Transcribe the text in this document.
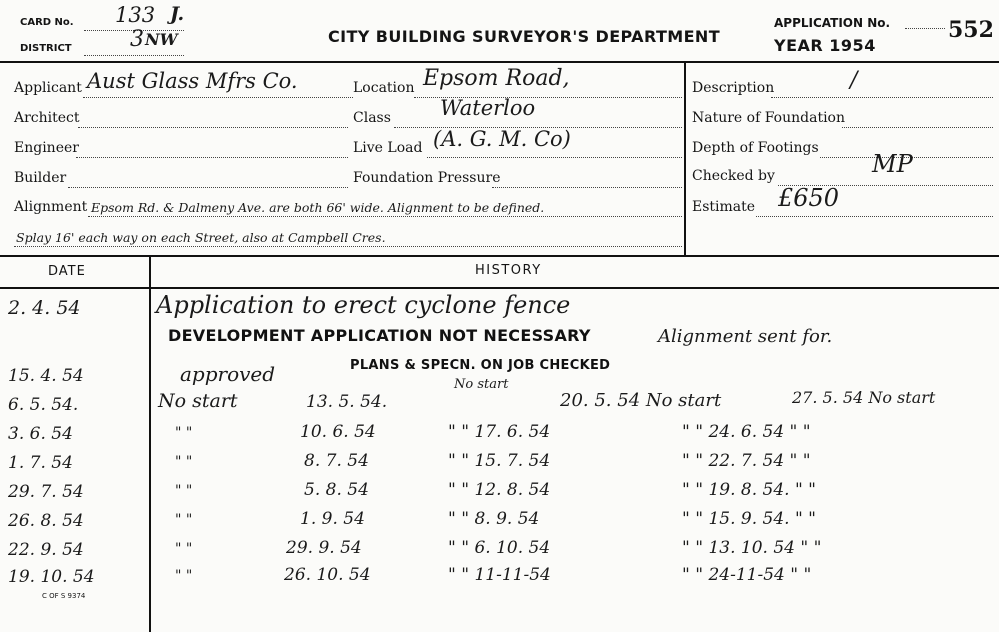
CARD No. 133 J.
DISTRICT	3 NW	CITY BUILDING SURVEYOR'S DEPARTMENT
APPLICATION No.	552
YEAR 1954
Applicant Aust Glass Mfrs Co.	Location Epsom Road,	Description	/
Architect	Class Waterloo	Nature of Foundation
Engineer	Live Load (A. G. M. Co)	Depth of Footings
Builder	Foundation Pressure	Checked by	MP
Alignment Epsom Rd. & Dalmeny Ave. are both 66' wide. Alignment to be defined.
Splay 16' each way on each Street, also at Campbell Cres.
Estimate £650
DATE	HISTORY
2. 4. 54	Application to erect cyclone fence
DEVELOPMENT APPLICATION NOT NECESSARY	Alignment sent for.
PLANS & SPECN. ON JOB CHECKED
15. 4. 54	approved	No start
6. 5. 54.	No start	13. 5. 54.	20. 5. 54 No start	27. 5. 54 No start
3. 6. 54	" "	10. 6. 54	" " 17. 6. 54	" " 24. 6. 54 " "
1. 7. 54	" "	8. 7. 54	" " 15. 7. 54	" " 22. 7. 54 " "
29. 7. 54	" "	5. 8. 54	" " 12. 8. 54	" " 19. 8. 54. " "
26. 8. 54	" "	1. 9. 54	" " 8. 9. 54	" " 15. 9. 54. " "
22. 9. 54	" "	29. 9. 54	" " 6. 10. 54	" " 13. 10. 54 " "
19. 10. 54	" "	26. 10. 54	" " 11-11-54	" " 24-11-54 " "
C OF S 9374
